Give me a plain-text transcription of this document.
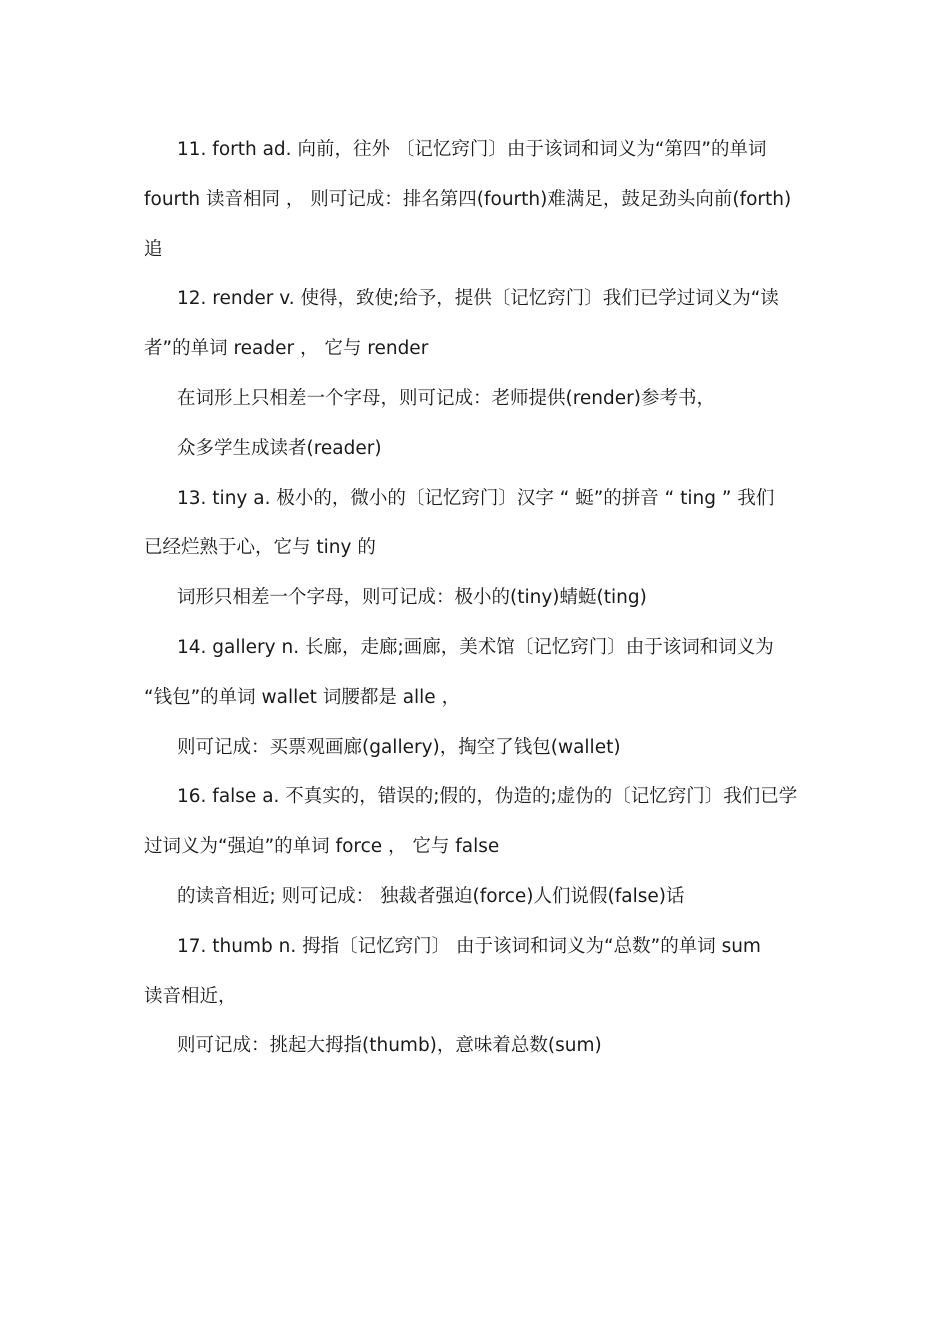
11. forth ad. 向前，往外 〔记忆窍门〕由于该词和词义为“第四”的单词
fourth 读音相同 ， 则可记成：排名第四(fourth)难满足，鼓足劲头向前(forth)
追
12. render v. 使得，致使;给予，提供〔记忆窍门〕我们已学过词义为“读
者”的单词 reader ， 它与 render
在词形上只相差一个字母，则可记成：老师提供(render)参考书，
众多学生成读者(reader)
13. tiny a. 极小的，微小的〔记忆窍门〕汉字 “ 蜓”的拼音 “ ting ” 我们
已经烂熟于心，它与 tiny 的
词形只相差一个字母，则可记成：极小的(tiny)蜻蜓(ting)
14. gallery n. 长廊，走廊;画廊，美术馆〔记忆窍门〕由于该词和词义为
“钱包”的单词 wallet 词腰都是 alle ，
则可记成：买票观画廊(gallery)，掏空了钱包(wallet)
16. false a. 不真实的，错误的;假的，伪造的;虚伪的〔记忆窍门〕我们已学
过词义为“强迫”的单词 force ， 它与 false
的读音相近; 则可记成： 独裁者强迫(force)人们说假(false)话
17. thumb n. 拇指〔记忆窍门〕 由于该词和词义为“总数”的单词 sum
读音相近，
则可记成：挑起大拇指(thumb)，意味着总数(sum)
